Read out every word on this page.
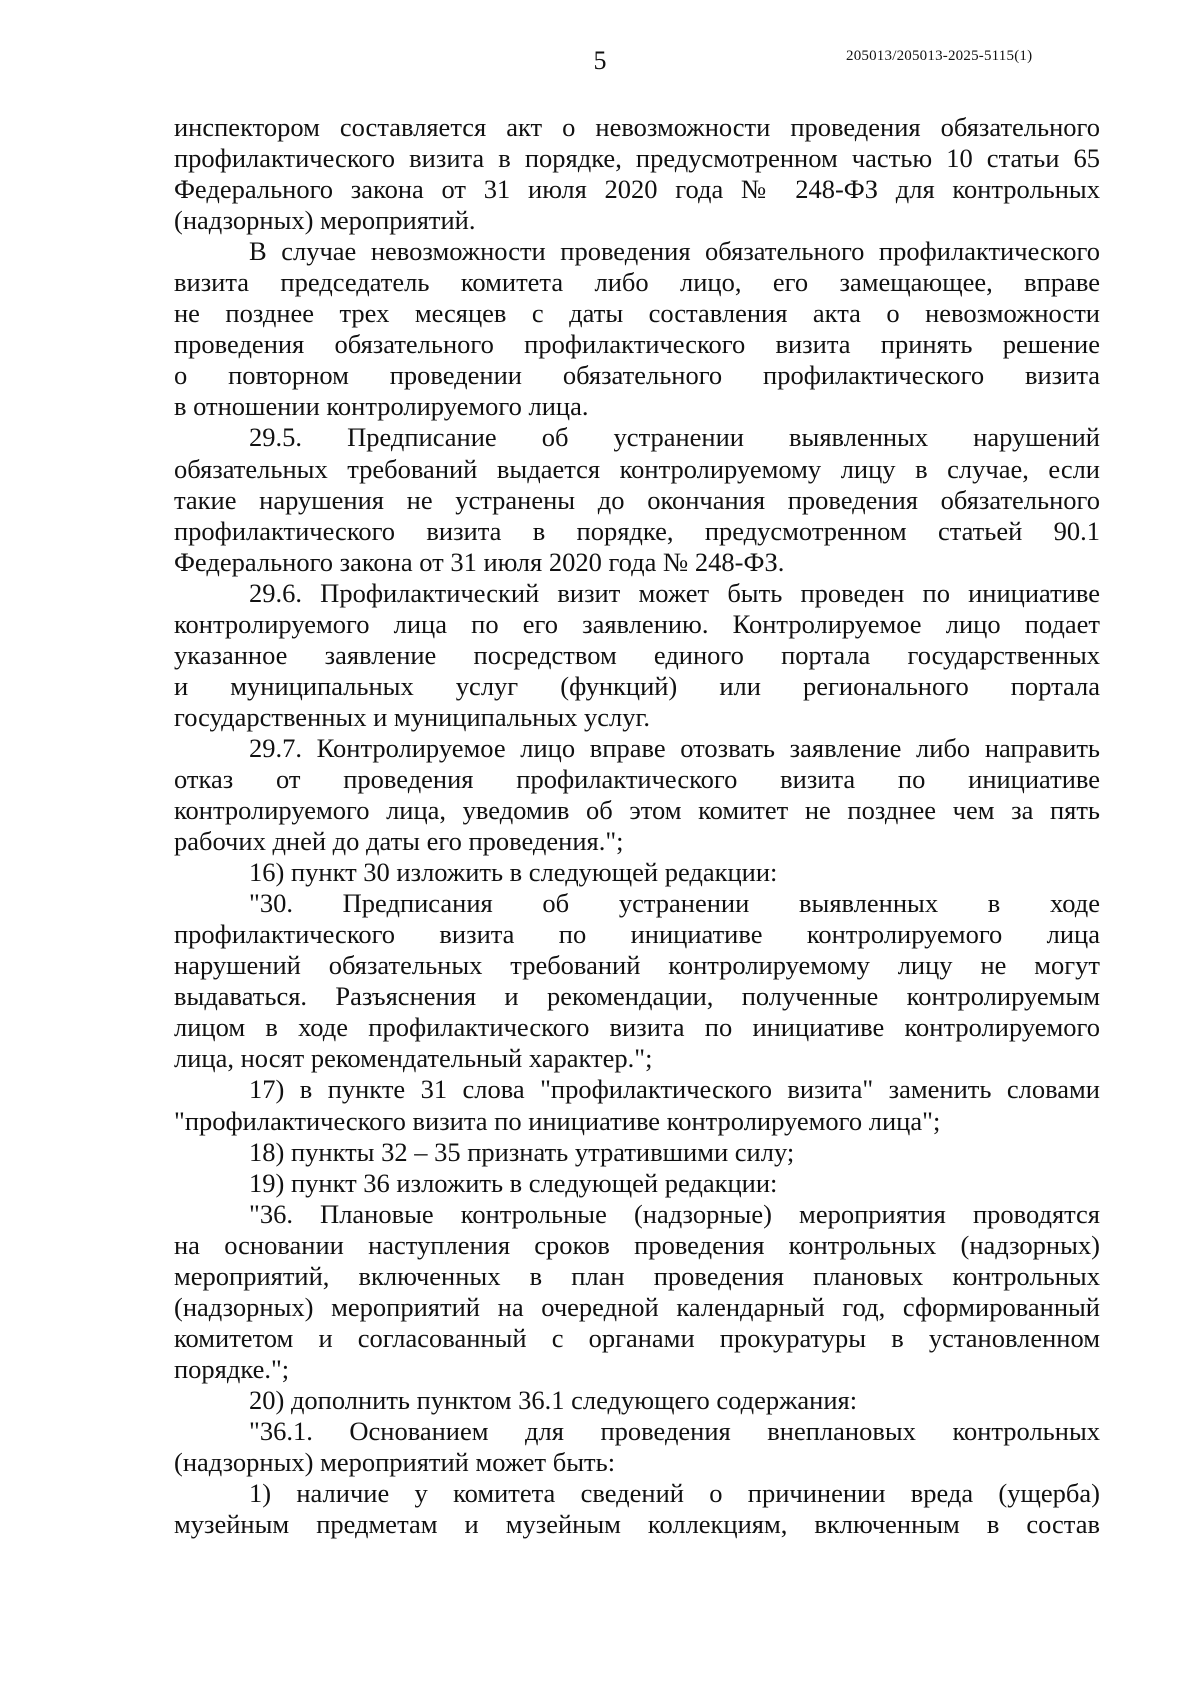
5	205013/205013-2025-5115(1)
инспектором составляется акт о невозможности проведения обязательного
профилактического визита в порядке, предусмотренном частью 10 статьи 65
Федерального закона от 31 июля 2020 года № 248-ФЗ для контрольных
(надзорных) мероприятий.
В случае невозможности проведения обязательного профилактического
визита председатель комитета либо лицо, его замещающее, вправе
не позднее трех месяцев с даты составления акта о невозможности
проведения обязательного профилактического визита принять решение
о повторном проведении обязательного профилактического визита
в отношении контролируемого лица.
29.5. Предписание об устранении выявленных нарушений
обязательных требований выдается контролируемому лицу в случае, если
такие нарушения не устранены до окончания проведения обязательного
профилактического визита в порядке, предусмотренном статьей 90.1
Федерального закона от 31 июля 2020 года № 248-ФЗ.
29.6. Профилактический визит может быть проведен по инициативе
контролируемого лица по его заявлению. Контролируемое лицо подает
указанное заявление посредством единого портала государственных
и муниципальных услуг (функций) или регионального портала
государственных и муниципальных услуг.
29.7. Контролируемое лицо вправе отозвать заявление либо направить
отказ от проведения профилактического визита по инициативе
контролируемого лица, уведомив об этом комитет не позднее чем за пять
рабочих дней до даты его проведения.";
16) пункт 30 изложить в следующей редакции:
"30. Предписания об устранении выявленных в ходе
профилактического визита по инициативе контролируемого лица
нарушений обязательных требований контролируемому лицу не могут
выдаваться. Разъяснения и рекомендации, полученные контролируемым
лицом в ходе профилактического визита по инициативе контролируемого
лица, носят рекомендательный характер.";
17) в пункте 31 слова "профилактического визита" заменить словами
"профилактического визита по инициативе контролируемого лица";
18) пункты 32 – 35 признать утратившими силу;
19) пункт 36 изложить в следующей редакции:
"36. Плановые контрольные (надзорные) мероприятия проводятся
на основании наступления сроков проведения контрольных (надзорных)
мероприятий, включенных в план проведения плановых контрольных
(надзорных) мероприятий на очередной календарный год, сформированный
комитетом и согласованный с органами прокуратуры в установленном
порядке.";
20) дополнить пунктом 36.1 следующего содержания:
"36.1. Основанием для проведения внеплановых контрольных
(надзорных) мероприятий может быть:
1) наличие у комитета сведений о причинении вреда (ущерба)
музейным предметам и музейным коллекциям, включенным в состав
